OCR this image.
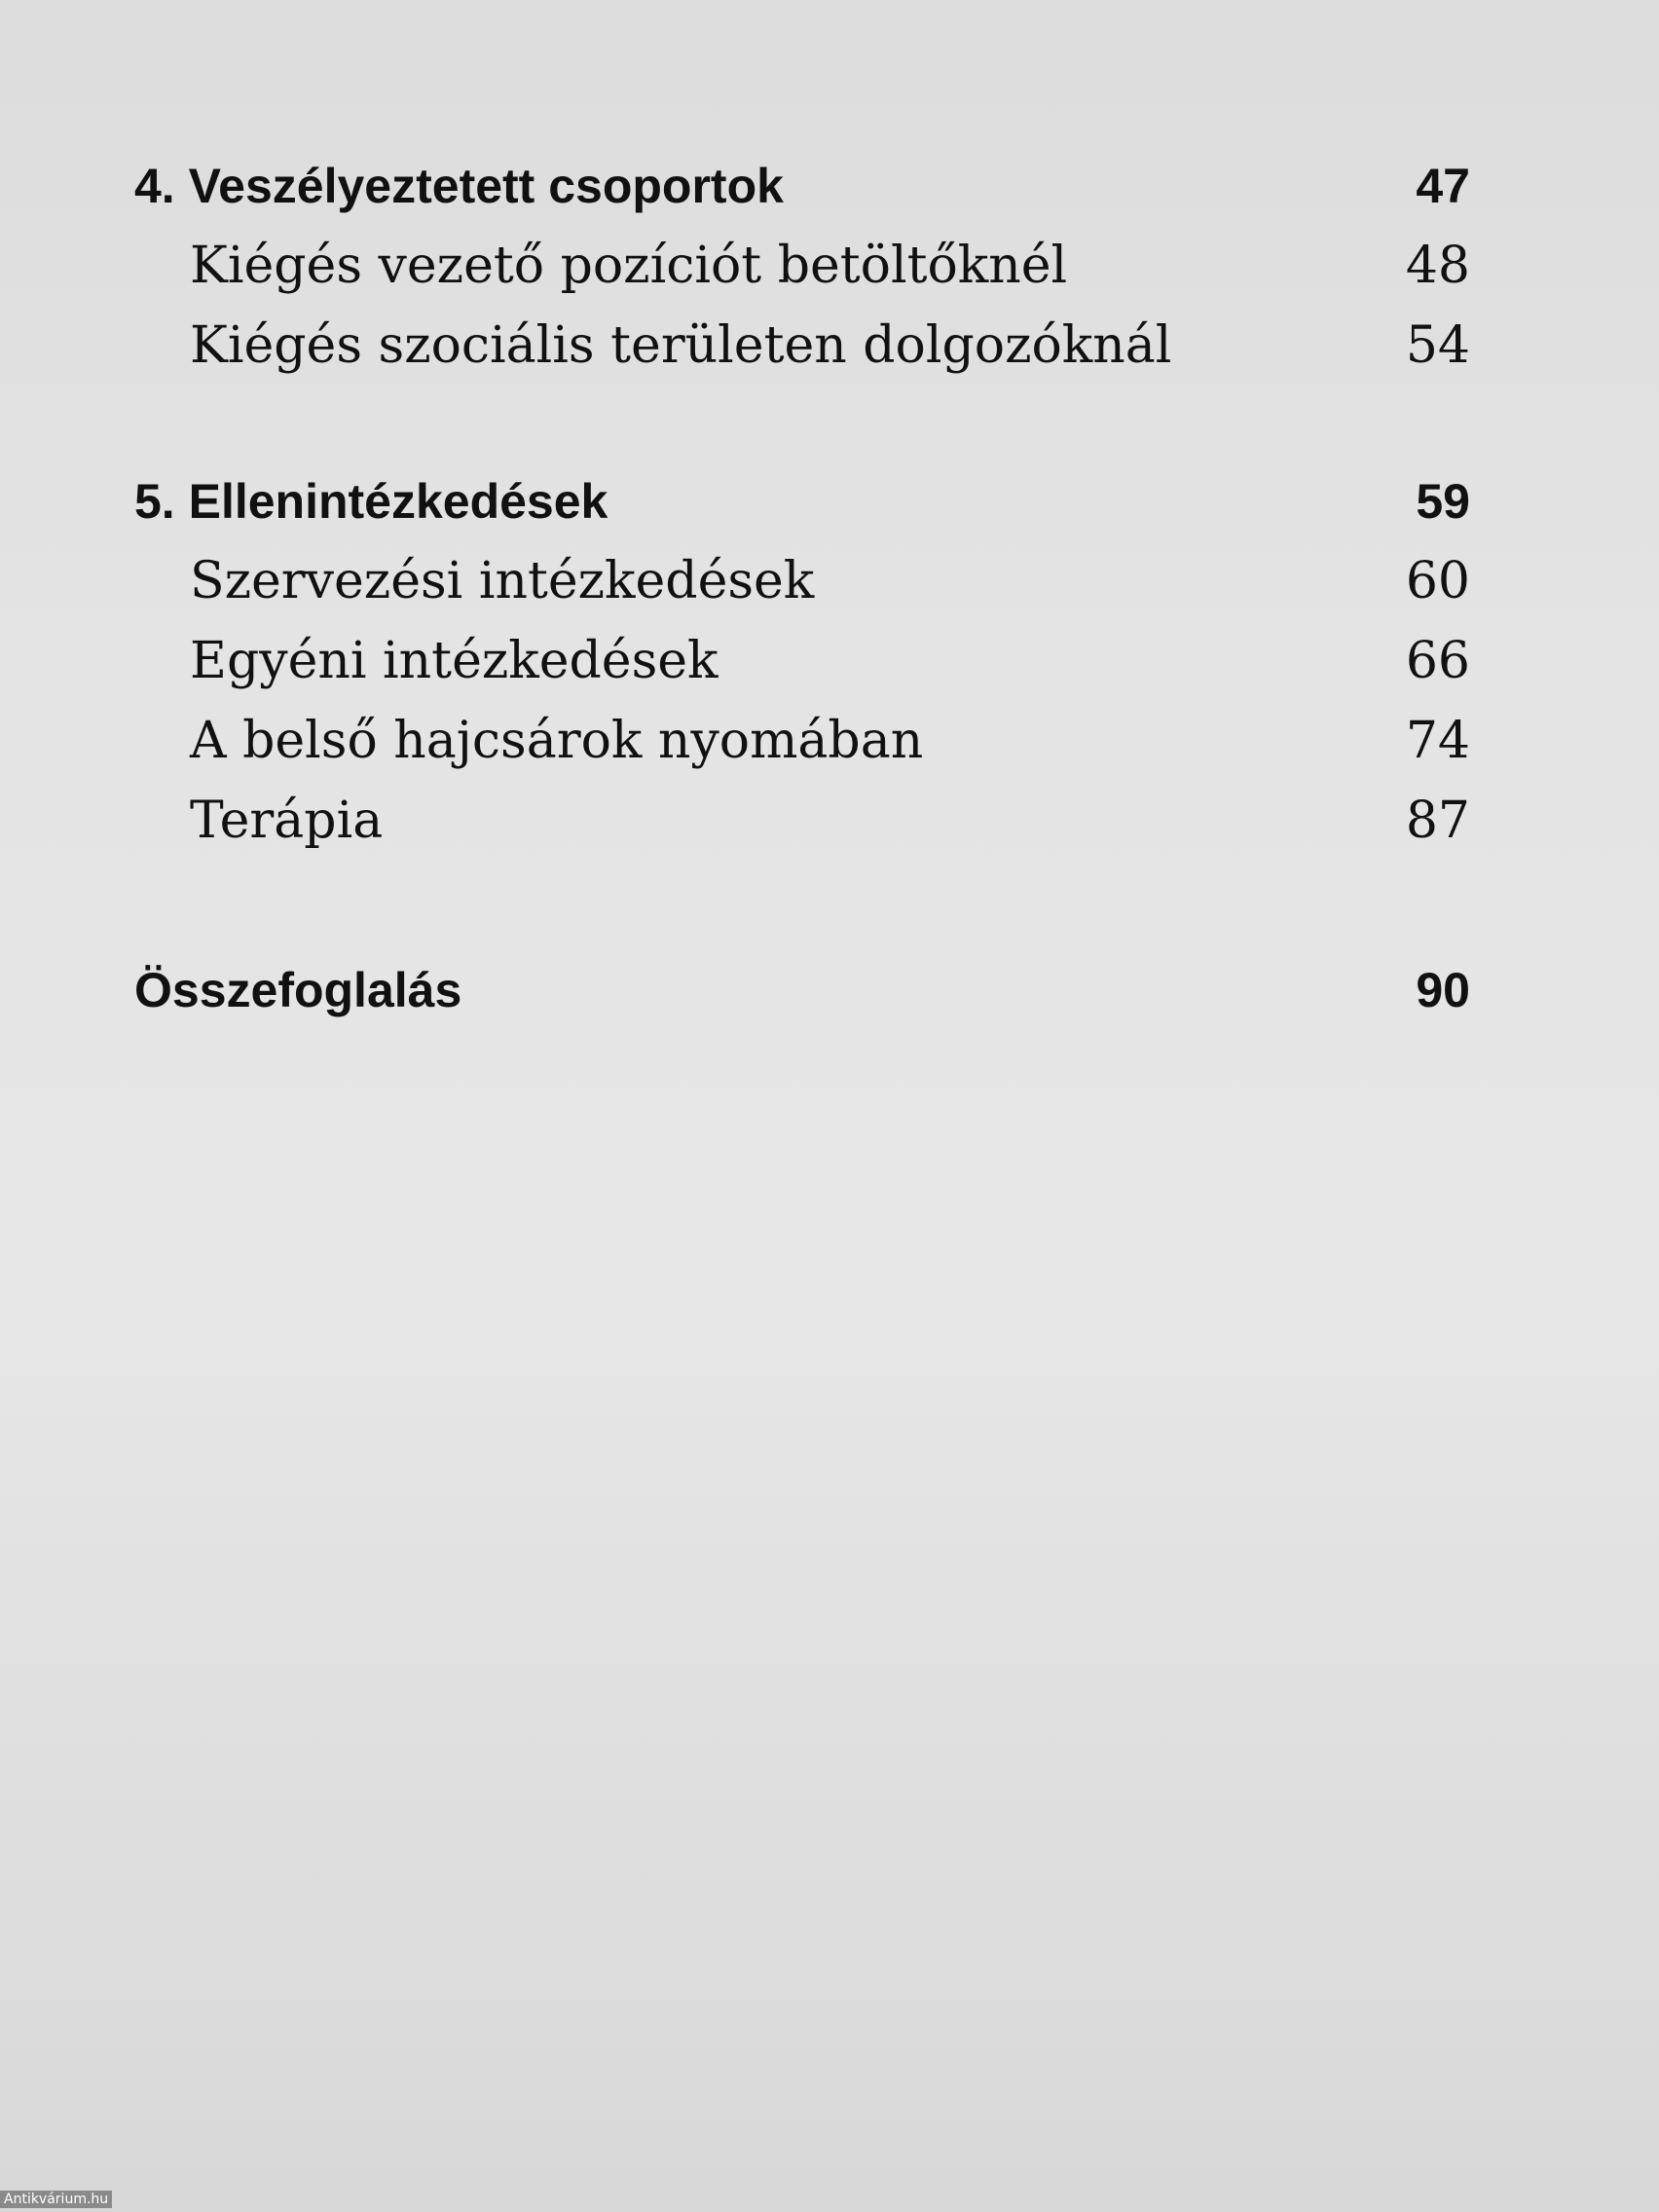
4. Veszélyeztetett csoportok	47
Kiégés vezető pozíciót betöltőknél	48
Kiégés szociális területen dolgozóknál	54
5. Ellenintézkedések	59
Szervezési intézkedések	60
Egyéni intézkedések	66
A belső hajcsárok nyomában	74
Terápia	87
Összefoglalás	90
Antikvárium.hu
